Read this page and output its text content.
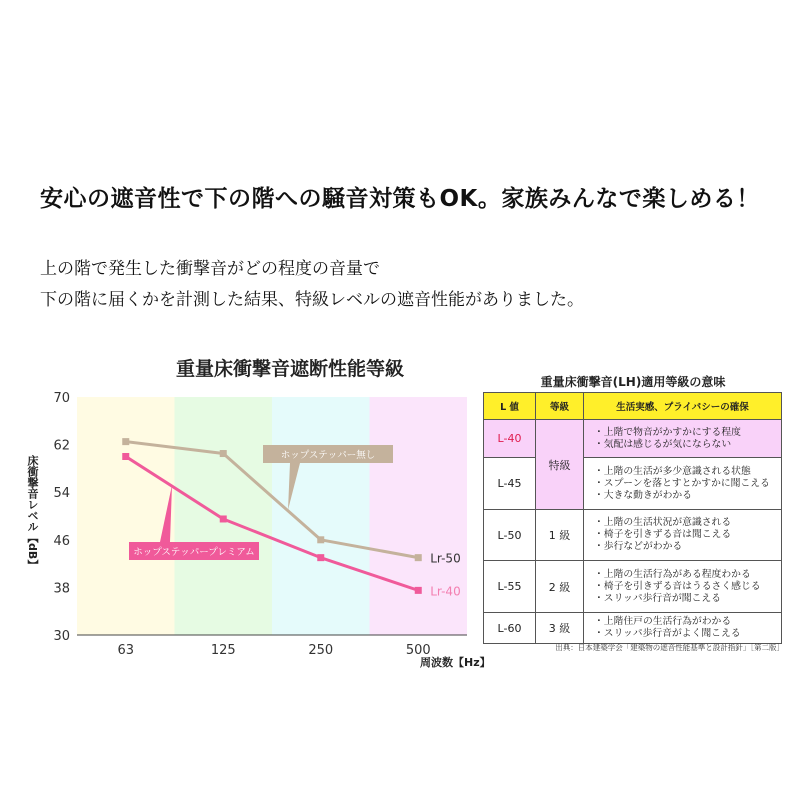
安心の遮音性で下の階への騒音対策もOK。家族みんなで楽しめる！
上の階で発生した衝撃音がどの程度の音量で
下の階に届くかを計測した結果、特級レベルの遮音性能がありました。
重量床衝撃音遮断性能等級
70
62
54
46
38
30
63	125	250	500
Lr-50
Lr-40
ホップステッパー無し
ホップステッパープレミアム
床衝撃音レベル【dB】
周波数【Hz】
重量床衝撃音(LH)適用等級の意味
L 値	等級	生活実感、プライバシーの確保
L-40	特級	・上階で物音がかすかにする程度
・気配は感じるが気にならない

L-45		・上階の生活が多少意識される状態
・スプーンを落とすとかすかに聞こえる
・大きな動きがわかる

L-50	1 級	・上階の生活状況が意識される
・椅子を引きずる音は聞こえる
・歩行などがわかる

L-55	2 級	・上階の生活行為がある程度わかる
・椅子を引きずる音はうるさく感じる
・スリッパ歩行音が聞こえる

L-60	3 級	・上階住戸の生活行為がわかる
・スリッパ歩行音がよく聞こえる
出典：日本建築学会「建築物の遮音性能基準と設計指針」［第二版］
